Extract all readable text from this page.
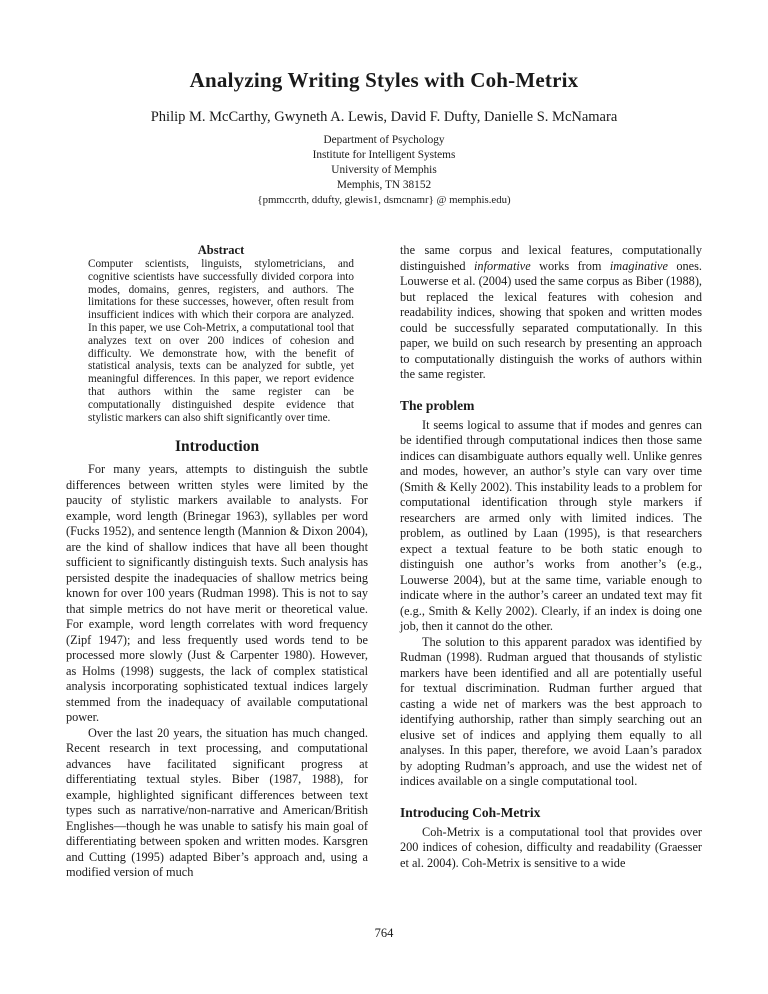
Analyzing Writing Styles with Coh-Metrix
Philip M. McCarthy, Gwyneth A. Lewis, David F. Dufty, Danielle S. McNamara
Department of Psychology
Institute for Intelligent Systems
University of Memphis
Memphis, TN 38152
{pmmccrth, ddufty, glewis1, dsmcnamr} @ memphis.edu)
Abstract

Computer scientists, linguists, stylometricians, and cognitive scientists have successfully divided corpora into modes, domains, genres, registers, and authors. The limitations for these successes, however, often result from insufficient indices with which their corpora are analyzed. In this paper, we use Coh-Metrix, a computational tool that analyzes text on over 200 indices of cohesion and difficulty. We demonstrate how, with the benefit of statistical analysis, texts can be analyzed for subtle, yet meaningful differences. In this paper, we report evidence that authors within the same register can be computationally distinguished despite evidence that stylistic markers can also shift significantly over time.

Introduction

For many years, attempts to distinguish the subtle differences between written styles were limited by the paucity of stylistic markers available to analysts. For example, word length (Brinegar 1963), syllables per word (Fucks 1952), and sentence length (Mannion & Dixon 2004), are the kind of shallow indices that have all been thought sufficient to significantly distinguish texts. Such analysis has persisted despite the inadequacies of shallow metrics being known for over 100 years (Rudman 1998). This is not to say that simple metrics do not have merit or theoretical value. For example, word length correlates with word frequency (Zipf 1947); and less frequently used words tend to be processed more slowly (Just & Carpenter 1980). However, as Holms (1998) suggests, the lack of complex statistical analysis incorporating sophisticated textual indices largely stemmed from the inadequacy of available computational power.

Over the last 20 years, the situation has much changed. Recent research in text processing, and computational advances have facilitated significant progress at differentiating textual styles. Biber (1987, 1988), for example, highlighted significant differences between text types such as narrative/non-narrative and American/British Englishes—though he was unable to satisfy his main goal of differentiating between spoken and written modes. Karsgren and Cutting (1995) adapted Biber’s approach and, using a modified version of much

the same corpus and lexical features, computationally distinguished informative works from imaginative ones. Louwerse et al. (2004) used the same corpus as Biber (1988), but replaced the lexical features with cohesion and readability indices, showing that spoken and written modes could be successfully separated computationally. In this paper, we build on such research by presenting an approach to computationally distinguish the works of authors within the same register.

The problem

It seems logical to assume that if modes and genres can be identified through computational indices then those same indices can disambiguate authors equally well. Unlike genres and modes, however, an author’s style can vary over time (Smith & Kelly 2002). This instability leads to a problem for computational identification through style markers if researchers are armed only with limited indices. The problem, as outlined by Laan (1995), is that researchers expect a textual feature to be both static enough to distinguish one author’s works from another’s (e.g., Louwerse 2004), but at the same time, variable enough to indicate where in the author’s career an undated text may fit (e.g., Smith & Kelly 2002). Clearly, if an index is doing one job, then it cannot do the other.

The solution to this apparent paradox was identified by Rudman (1998). Rudman argued that thousands of stylistic markers have been identified and all are potentially useful for textual discrimination. Rudman further argued that casting a wide net of markers was the best approach to identifying authorship, rather than simply searching out an elusive set of indices and applying them equally to all analyses. In this paper, therefore, we avoid Laan’s paradox by adopting Rudman’s approach, and use the widest net of indices available on a single computational tool.

Introducing Coh-Metrix

Coh-Metrix is a computational tool that provides over 200 indices of cohesion, difficulty and readability (Graesser et al. 2004). Coh-Metrix is sensitive to a wide

764
